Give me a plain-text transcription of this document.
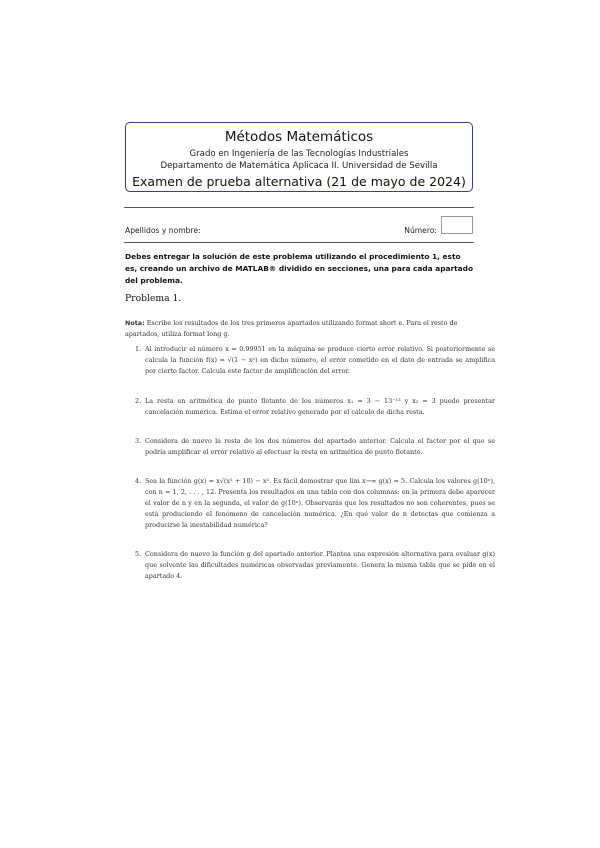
Métodos Matemáticos
Grado en Ingeniería de las Tecnologías Industriales
Departamento de Matemática Aplicaca II. Universidad de Sevilla
Examen de prueba alternativa (21 de mayo de 2024)
Apellidos y nombre:	Número:
Debes entregar la solución de este problema utilizando el procedimiento 1, esto es, creando un archivo de MATLAB® dividido en secciones, una para cada apartado del problema.
Problema 1.
Nota: Escribe los resultados de los tres primeros apartados utilizando format short e. Para el resto de apartados, utiliza format long g.
1. Al introducir el número x = 0.99951 en la máquina se produce cierto error relativo. Si posteriormente se calcula la función f(x) = √(1 − x²) en dicho número, el error cometido en el dato de entrada se amplifica por cierto factor. Calcula este factor de amplificación del error.
2. La resta en aritmética de punto flotante de los números x₁ = 3 − 13⁻¹³ y x₂ = 3 puede presentar cancelación numérica. Estima el error relativo generado por el cálculo de dicha resta.
3. Considera de nuevo la resta de los dos números del apartado anterior. Calcula el factor por el que se podría amplificar el error relativo al efectuar la resta en aritmética de punto flotante.
4. Sea la función g(x) = x√(x² + 10) − x². Es fácil demostrar que lim x→∞ g(x) = 5. Calcula los valores g(10ⁿ), con n = 1, 2, . . . , 12. Presenta los resultados en una tabla con dos columnas: en la primera debe aparecer el valor de n y en la segunda, el valor de g(10ⁿ). Observarás que los resultados no son coherentes, pues se está produciendo el fenómeno de cancelación numérica. ¿En qué valor de n detectas que comienza a producirse la inestabilidad numérica?
5. Considera de nuevo la función g del apartado anterior. Plantea una expresión alternativa para evaluar g(x) que solvente las dificultades numéricas observadas previamente. Genera la misma tabla que se pide en el apartado 4.
